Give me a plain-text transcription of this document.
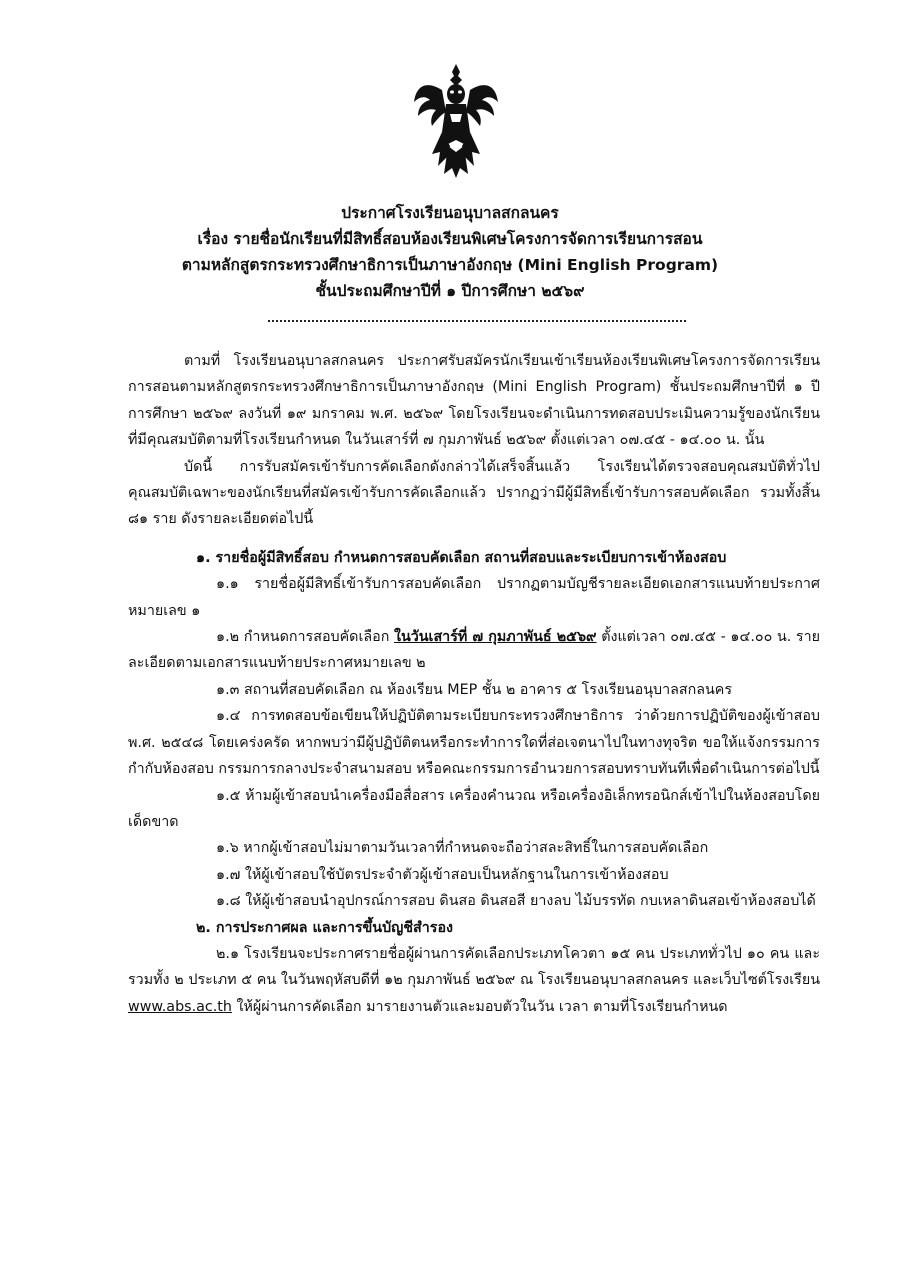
ประกาศโรงเรียนอนุบาลสกลนคร
เรื่อง รายชื่อนักเรียนที่มีสิทธิ์สอบห้องเรียนพิเศษโครงการจัดการเรียนการสอน
ตามหลักสูตรกระทรวงศึกษาธิการเป็นภาษาอังกฤษ (Mini English Program)
ชั้นประถมศึกษาปีที่ ๑ ปีการศึกษา ๒๕๖๙

ตามที่ โรงเรียนอนุบาลสกลนคร ประกาศรับสมัครนักเรียนเข้าเรียนห้องเรียนพิเศษโครงการจัดการเรียนการสอนตามหลักสูตรกระทรวงศึกษาธิการเป็นภาษาอังกฤษ (Mini English Program) ชั้นประถมศึกษาปีที่ ๑ ปีการศึกษา ๒๕๖๙ ลงวันที่ ๑๙ มกราคม พ.ศ. ๒๕๖๙ โดยโรงเรียนจะดำเนินการทดสอบประเมินความรู้ของนักเรียนที่มีคุณสมบัติตามที่โรงเรียนกำหนด ในวันเสาร์ที่ ๗ กุมภาพันธ์ ๒๕๖๙ ตั้งแต่เวลา ๐๗.๔๕ - ๑๔.๐๐ น. นั้น

บัดนี้ การรับสมัครเข้ารับการคัดเลือกดังกล่าวได้เสร็จสิ้นแล้ว โรงเรียนได้ตรวจสอบคุณสมบัติทั่วไป คุณสมบัติเฉพาะของนักเรียนที่สมัครเข้ารับการคัดเลือกแล้ว ปรากฏว่ามีผู้มีสิทธิ์เข้ารับการสอบคัดเลือก รวมทั้งสิ้น ๘๑ ราย ดังรายละเอียดต่อไปนี้

๑. รายชื่อผู้มีสิทธิ์สอบ กำหนดการสอบคัดเลือก สถานที่สอบและระเบียบการเข้าห้องสอบ

๑.๑ รายชื่อผู้มีสิทธิ์เข้ารับการสอบคัดเลือก ปรากฏตามบัญชีรายละเอียดเอกสารแนบท้ายประกาศหมายเลข ๑

๑.๒ กำหนดการสอบคัดเลือก ในวันเสาร์ที่ ๗ กุมภาพันธ์ ๒๕๖๙ ตั้งแต่เวลา ๐๗.๔๕ - ๑๔.๐๐ น. รายละเอียดตามเอกสารแนบท้ายประกาศหมายเลข ๒

๑.๓ สถานที่สอบคัดเลือก ณ ห้องเรียน MEP ชั้น ๒ อาคาร ๕ โรงเรียนอนุบาลสกลนคร

๑.๔ การทดสอบข้อเขียนให้ปฏิบัติตามระเบียบกระทรวงศึกษาธิการ ว่าด้วยการปฏิบัติของผู้เข้าสอบ พ.ศ. ๒๕๔๘ โดยเคร่งครัด หากพบว่ามีผู้ปฏิบัติตนหรือกระทำการใดที่ส่อเจตนาไปในทางทุจริต ขอให้แจ้งกรรมการกำกับห้องสอบ กรรมการกลางประจำสนามสอบ หรือคณะกรรมการอำนวยการสอบทราบทันทีเพื่อดำเนินการต่อไปนี้

๑.๕ ห้ามผู้เข้าสอบนำเครื่องมือสื่อสาร เครื่องคำนวณ หรือเครื่องอิเล็กทรอนิกส์เข้าไปในห้องสอบโดยเด็ดขาด

๑.๖ หากผู้เข้าสอบไม่มาตามวันเวลาที่กำหนดจะถือว่าสละสิทธิ์ในการสอบคัดเลือก

๑.๗ ให้ผู้เข้าสอบใช้บัตรประจำตัวผู้เข้าสอบเป็นหลักฐานในการเข้าห้องสอบ

๑.๘ ให้ผู้เข้าสอบนำอุปกรณ์การสอบ ดินสอ ดินสอสี ยางลบ ไม้บรรทัด กบเหลาดินสอเข้าห้องสอบได้

๒. การประกาศผล และการขึ้นบัญชีสำรอง

๒.๑ โรงเรียนจะประกาศรายชื่อผู้ผ่านการคัดเลือกประเภทโควตา ๑๕ คน ประเภททั่วไป ๑๐ คน และรวมทั้ง ๒ ประเภท ๕ คน ในวันพฤหัสบดีที่ ๑๒ กุมภาพันธ์ ๒๕๖๙ ณ โรงเรียนอนุบาลสกลนคร และเว็บไซต์โรงเรียน www.abs.ac.th ให้ผู้ผ่านการคัดเลือก มารายงานตัวและมอบตัวในวัน เวลา ตามที่โรงเรียนกำหนด
